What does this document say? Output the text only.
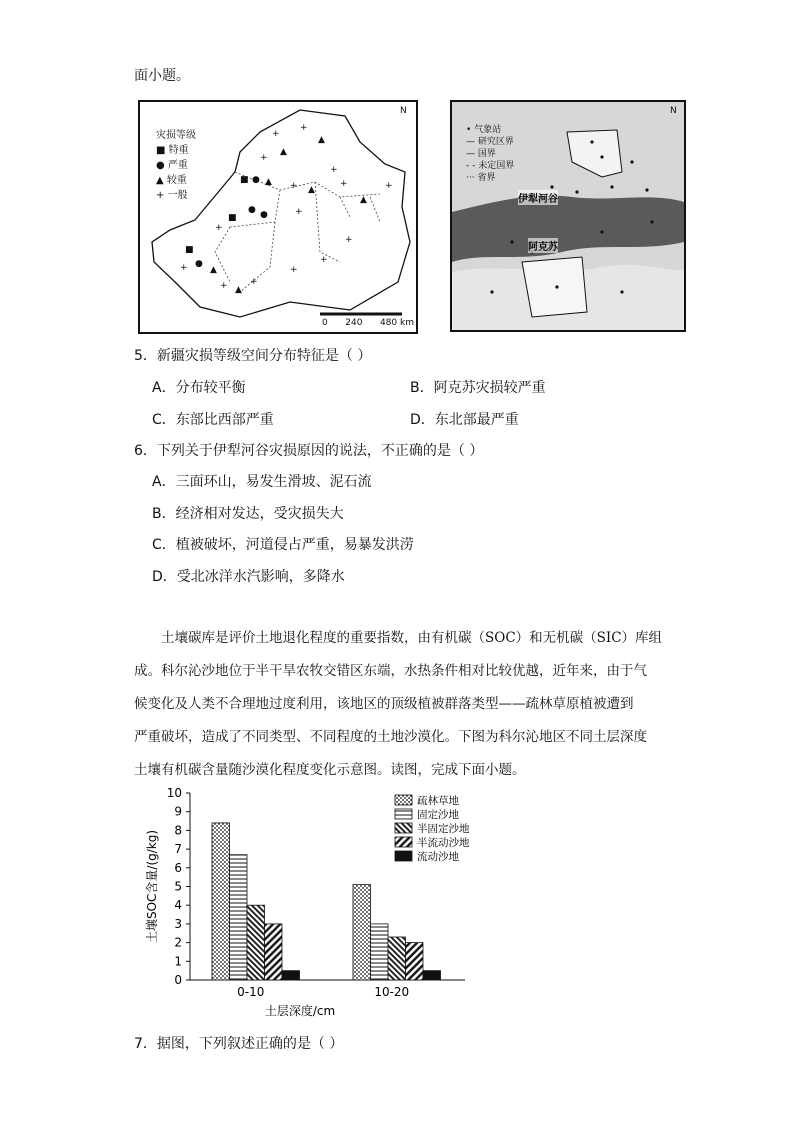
面小题。
+
+
▲
▲
+
+
■ ● ▲ + ▲
+	+
▲
■
● ●	+
+
■
●
+ ▲
+ ▲
+
+
+
+
灾损等级
■ 特重
● 严重
▲ 较重
+ 一般
N
0 240 480 km
• 气象站
— 研究区界
— 国界
- - 未定国界
··· 省界
伊犁河谷
阿克苏
N
5．新疆灾损等级空间分布特征是（ ）
A．分布较平衡	B．阿克苏灾损较严重
C．东部比西部严重	D．东北部最严重
6．下列关于伊犁河谷灾损原因的说法，不正确的是（ ）
A．三面环山，易发生滑坡、泥石流
B．经济相对发达，受灾损失大
C．植被破坏，河道侵占严重，易暴发洪涝
D．受北冰洋水汽影响，多降水
土壤碳库是评价土地退化程度的重要指数，由有机碳（SOC）和无机碳（SIC）库组
成。科尔沁沙地位于半干旱农牧交错区东端，水热条件相对比较优越，近年来，由于气
候变化及人类不合理地过度利用，该地区的顶级植被群落类型——疏林草原植被遭到
严重破坏，造成了不同类型、不同程度的土地沙漠化。下图为科尔沁地区不同土层深度
土壤有机碳含量随沙漠化程度变化示意图。读图，完成下面小题。
0
1
2
3
4
5
6
7
8
9
10
土壤SOC含量/(g/kg)
0-10	10-20
土层深度/cm
疏林草地
固定沙地
半固定沙地
半流动沙地
流动沙地
7．据图，下列叙述正确的是（ ）
